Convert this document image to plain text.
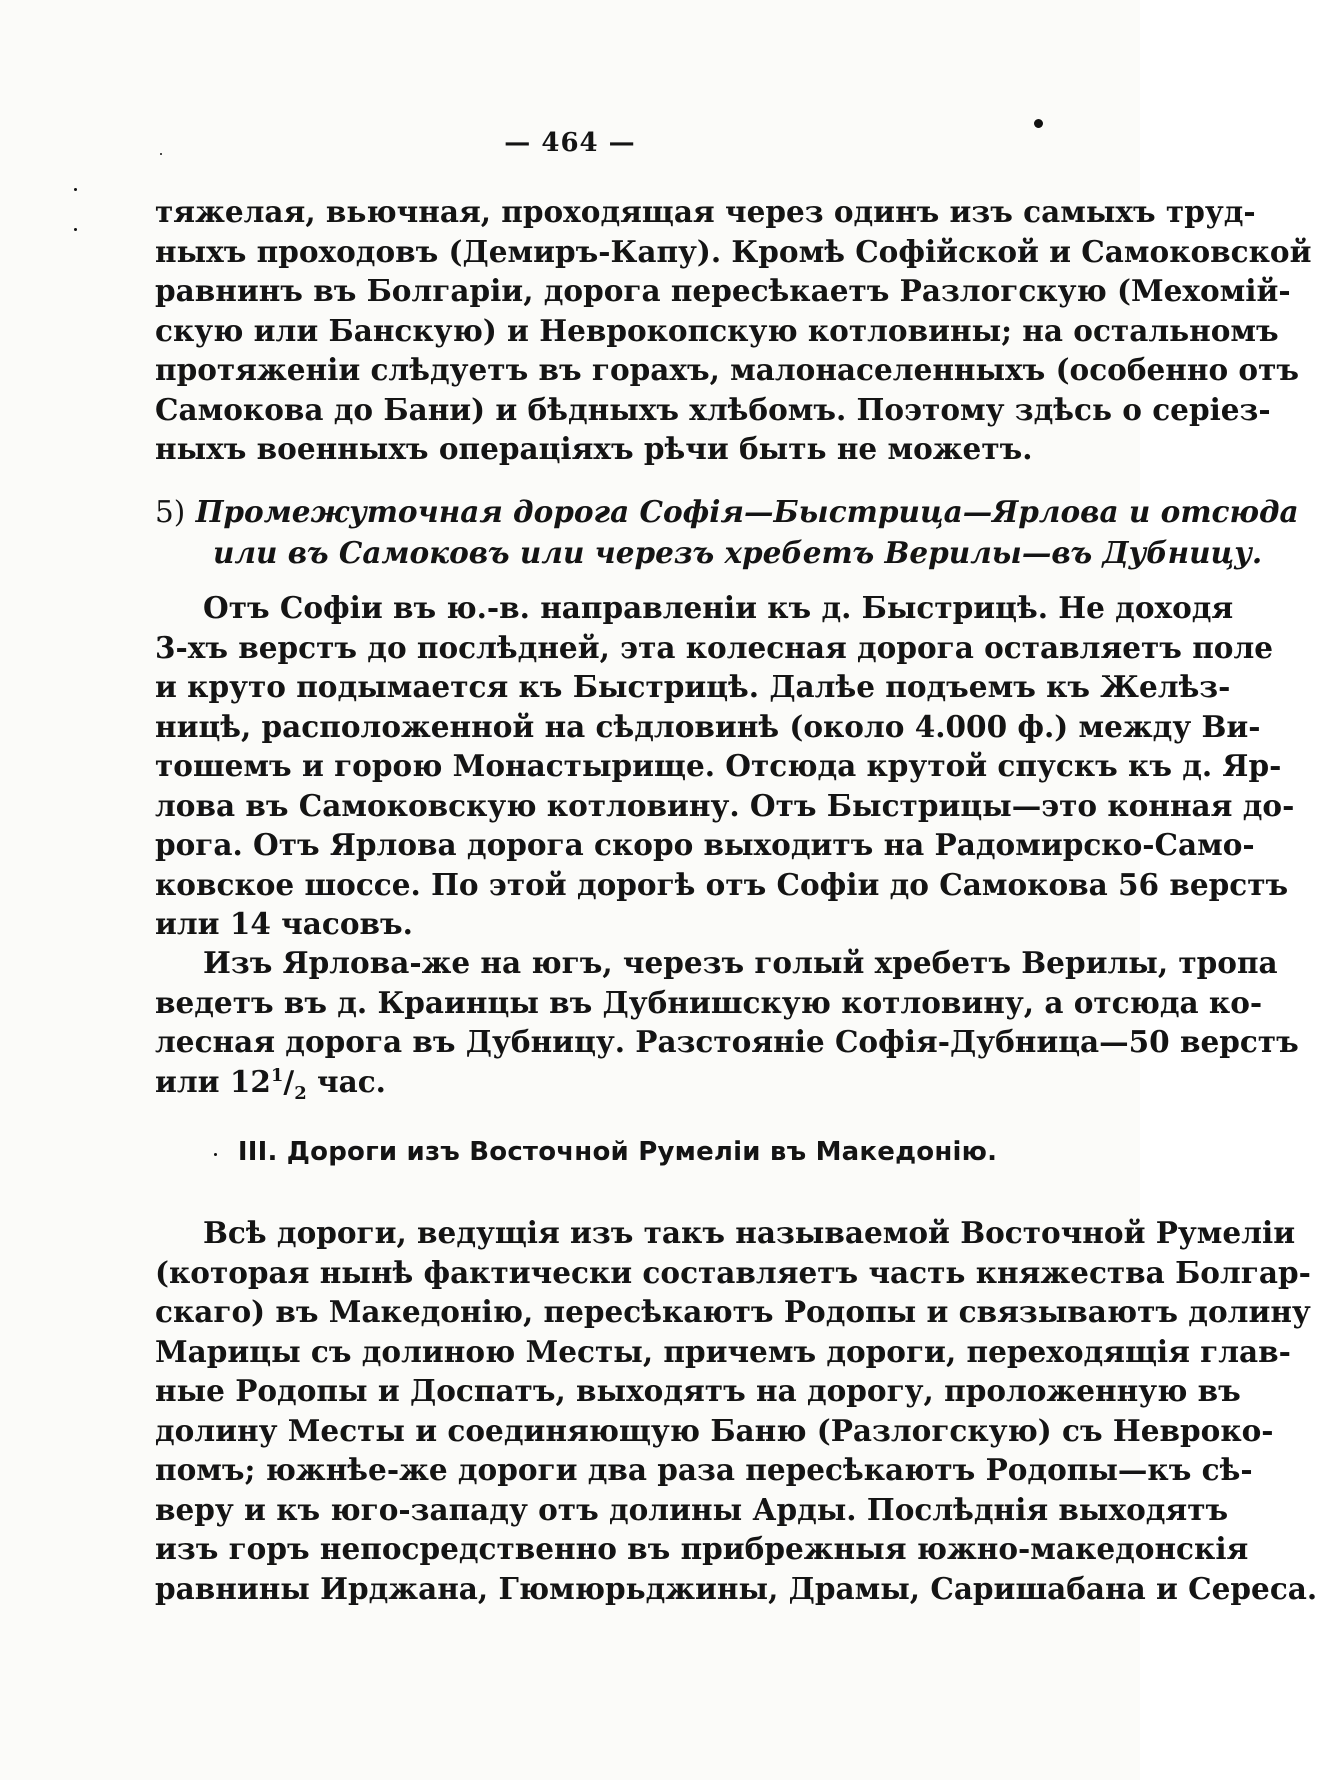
— 464 —
тяжелая, вьючная, проходящая через одинъ изъ самыхъ труд-
ныхъ проходовъ (Демиръ-Капу). Кромѣ Софійской и Самоковской
равнинъ въ Болгаріи, дорога пересѣкаетъ Разлогскую (Мехомій-
скую или Банскую) и Неврокопскую котловины; на остальномъ
протяженіи слѣдуетъ въ горахъ, малонаселенныхъ (особенно отъ
Самокова до Бани) и бѣдныхъ хлѣбомъ. Поэтому здѣсь о серіез-
ныхъ военныхъ операціяхъ рѣчи быть не можетъ.
5) Промежуточная дорога Софія—Быстрица—Ярлова и отсюда
или въ Самоковъ или черезъ хребетъ Верилы—въ Дубницу.
Отъ Софіи въ ю.-в. направленіи къ д. Быстрицѣ. Не доходя
3-хъ верстъ до послѣдней, эта колесная дорога оставляетъ поле
и круто подымается къ Быстрицѣ. Далѣе подъемъ къ Желѣз-
ницѣ, расположенной на сѣдловинѣ (около 4.000 ф.) между Ви-
тошемъ и горою Монастырище. Отсюда крутой спускъ къ д. Яр-
лова въ Самоковскую котловину. Отъ Быстрицы—это конная до-
рога. Отъ Ярлова дорога скоро выходитъ на Радомирско-Само-
ковское шоссе. По этой дорогѣ отъ Софіи до Самокова 56 верстъ
или 14 часовъ.
Изъ Ярлова-же на югъ, черезъ голый хребетъ Верилы, тропа
ведетъ въ д. Краинцы въ Дубнишскую котловину, а отсюда ко-
лесная дорога въ Дубницу. Разстояніе Софія-Дубница—50 верстъ
или $12^1/_2$ час.
III. Дороги изъ Восточной Румеліи въ Македонію.
Всѣ дороги, ведущія изъ такъ называемой Восточной Румеліи
(которая нынѣ фактически составляетъ часть княжества Болгар-
скаго) въ Македонію, пересѣкаютъ Родопы и связываютъ долину
Марицы съ долиною Месты, причемъ дороги, переходящія глав-
ные Родопы и Доспатъ, выходятъ на дорогу, проложенную въ
долину Месты и соединяющую Баню (Разлогскую) съ Неврoко-
помъ; южнѣе-же дороги два раза пересѣкаютъ Родопы—къ сѣ-
веру и къ юго-западу отъ долины Арды. Послѣднія выходятъ
изъ горъ непосредственно въ прибрежныя южно-македонскія
равнины Ирджана, Гюмюрьджины, Драмы, Саришабана и Сереса.
